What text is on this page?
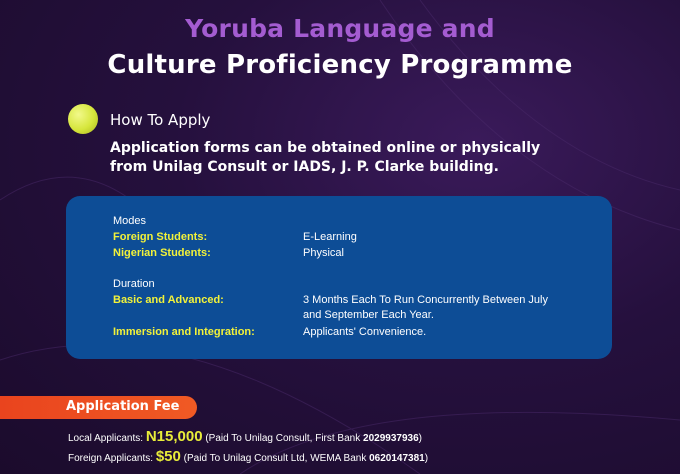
Yoruba Language and
Culture Proficiency Programme
How To Apply
Application forms can be obtained online or physically from Unilag Consult or IADS, J. P. Clarke building.
Modes
Foreign Students:	E-Learning
Nigerian Students:	Physical
Duration
Basic and Advanced:	3 Months Each To Run Concurrently Between July
and September Each Year.
Immersion and Integration:	Applicants' Convenience.
Application Fee
Local Applicants: N15,000 (Paid To Unilag Consult, First Bank 2029937936)
Foreign Applicants: $50 (Paid To Unilag Consult Ltd, WEMA Bank 0620147381)
